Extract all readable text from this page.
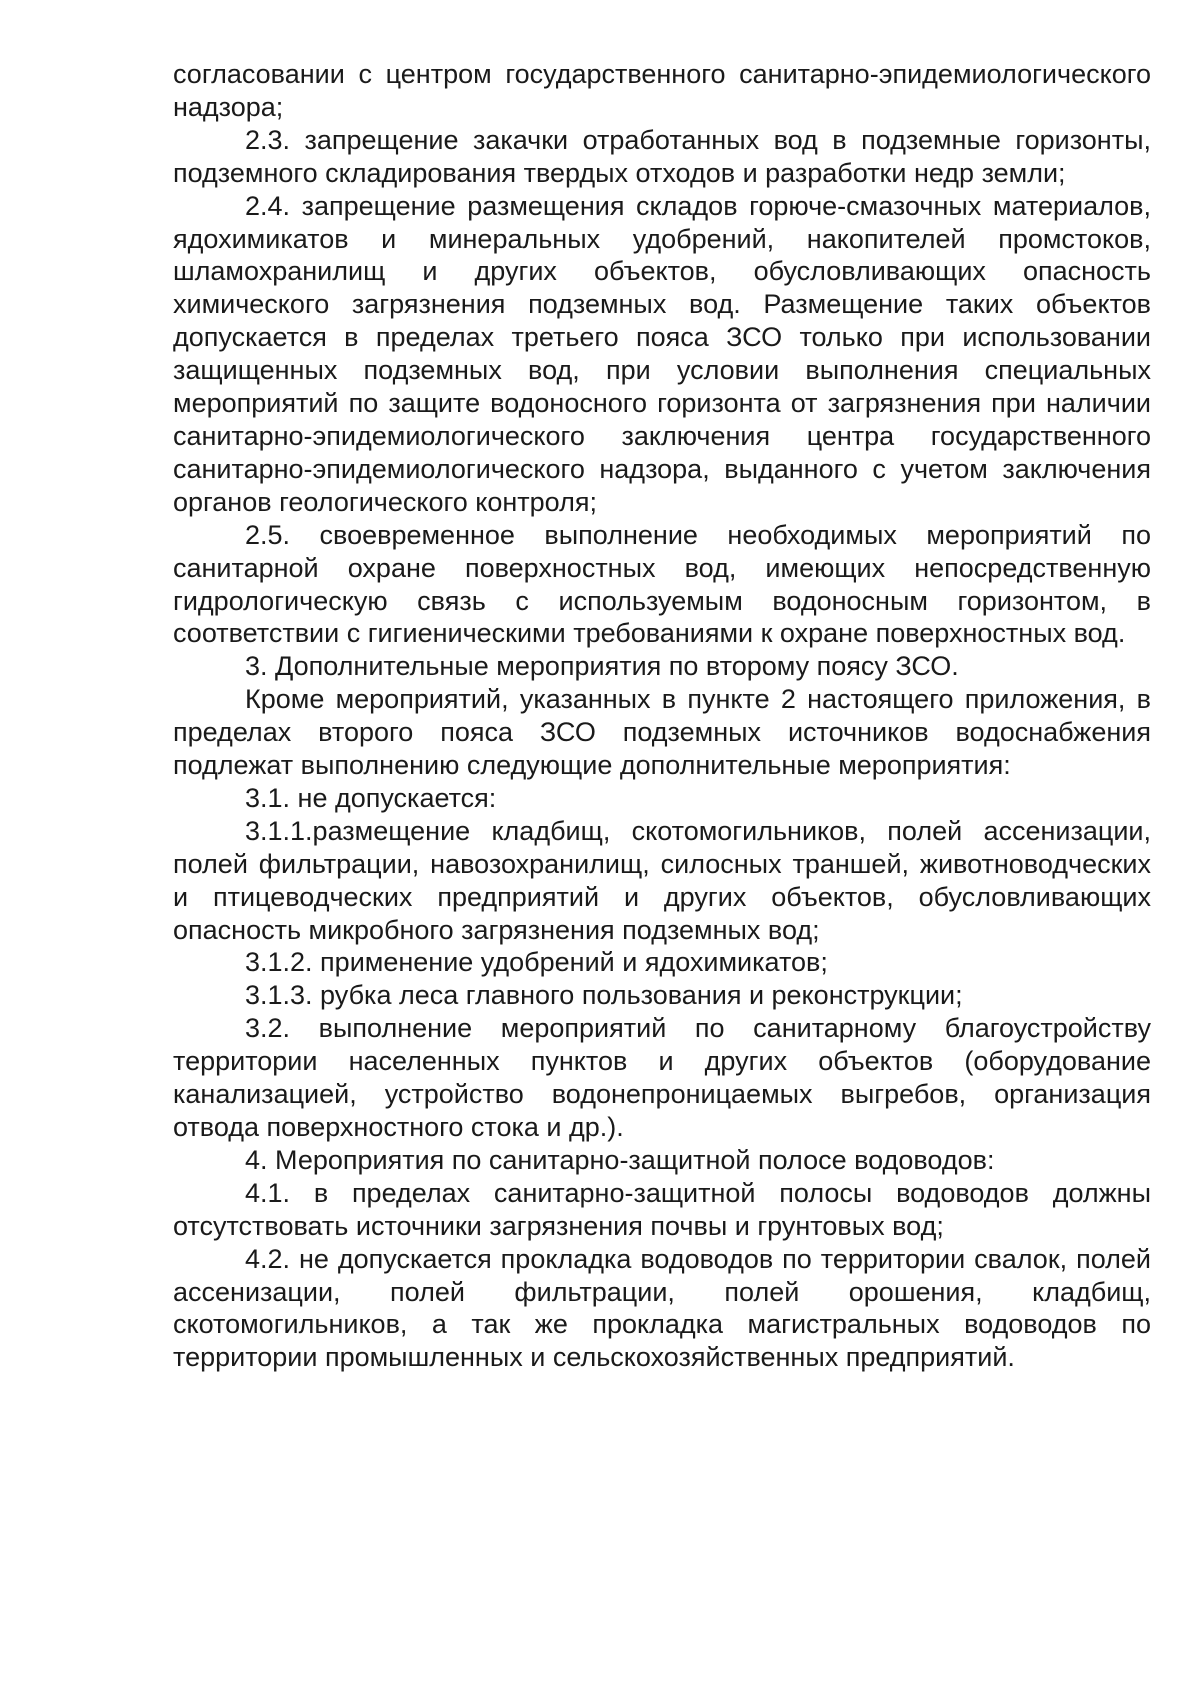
согласовании с центром государственного санитарно-эпидемиологического надзора;

2.3. запрещение закачки отработанных вод в подземные горизонты, подземного складирования твердых отходов и разработки недр земли;

2.4. запрещение размещения складов горюче-смазочных материалов, ядохимикатов и минеральных удобрений, накопителей промстоков, шламохранилищ и других объектов, обусловливающих опасность химического загрязнения подземных вод. Размещение таких объектов допускается в пределах третьего пояса ЗСО только при использовании защищенных подземных вод, при условии выполнения специальных мероприятий по защите водоносного горизонта от загрязнения при наличии санитарно-эпидемиологического заключения центра государственного санитарно-эпидемиологического надзора, выданного с учетом заключения органов геологического контроля;

2.5. своевременное выполнение необходимых мероприятий по санитарной охране поверхностных вод, имеющих непосредственную гидрологическую связь с используемым водоносным горизонтом, в соответствии с гигиеническими требованиями к охране поверхностных вод.

3. Дополнительные мероприятия по второму поясу ЗСО.

Кроме мероприятий, указанных в пункте 2 настоящего приложения, в пределах второго пояса ЗСО подземных источников водоснабжения подлежат выполнению следующие дополнительные мероприятия:

3.1. не допускается:

3.1.1.размещение кладбищ, скотомогильников, полей ассенизации, полей фильтрации, навозохранилищ, силосных траншей, животноводческих и птицеводческих предприятий и других объектов, обусловливающих опасность микробного загрязнения подземных вод;

3.1.2. применение удобрений и ядохимикатов;

3.1.3. рубка леса главного пользования и реконструкции;

3.2. выполнение мероприятий по санитарному благоустройству территории населенных пунктов и других объектов (оборудование канализацией, устройство водонепроницаемых выгребов, организация отвода поверхностного стока и др.).

4. Мероприятия по санитарно-защитной полосе водоводов:

4.1. в пределах санитарно-защитной полосы водоводов должны отсутствовать источники загрязнения почвы и грунтовых вод;

4.2. не допускается прокладка водоводов по территории свалок, полей ассенизации, полей фильтрации, полей орошения, кладбищ, скотомогильников, а так же прокладка магистральных водоводов по территории промышленных и сельскохозяйственных предприятий.
